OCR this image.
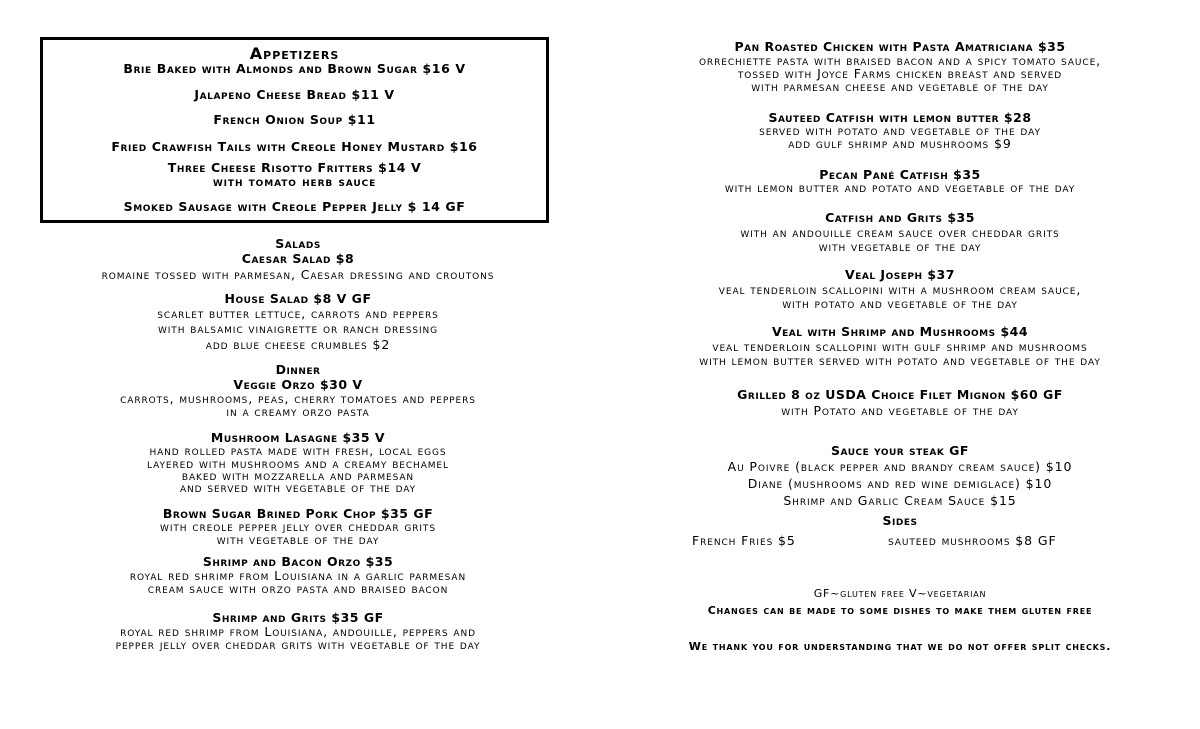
Appetizers
Brie Baked with Almonds and Brown Sugar $16 V
Jalapeno Cheese Bread $11 V
French Onion Soup $11
Fried Crawfish Tails with Creole Honey Mustard $16
Three Cheese Risotto Fritters $14 V
with tomato herb sauce
Smoked Sausage with Creole Pepper Jelly $ 14 GF
Salads
Caesar Salad $8
romaine tossed with parmesan, Caesar dressing and croutons
House Salad $8 V GF
scarlet butter lettuce, carrots and peppers
with balsamic vinaigrette or ranch dressing
add blue cheese crumbles $2
Dinner
Veggie Orzo $30 V
carrots, mushrooms, peas, cherry tomatoes and peppers
in a creamy orzo pasta
Mushroom Lasagne $35 V
hand rolled pasta made with fresh, local eggs
layered with mushrooms and a creamy bechamel
baked with mozzarella and parmesan
and served with vegetable of the day
Brown Sugar Brined Pork Chop $35 GF
with creole pepper jelly over cheddar grits
with vegetable of the day
Shrimp and Bacon Orzo $35
royal red shrimp from Louisiana in a garlic parmesan
cream sauce with orzo pasta and braised bacon
Shrimp and Grits $35 GF
royal red shrimp from Louisiana, andouille, peppers and
pepper jelly over cheddar grits with vegetable of the day
Pan Roasted Chicken with Pasta Amatriciana $35
orrechiette pasta with braised bacon and a spicy tomato sauce,
tossed with Joyce Farms chicken breast and served
with parmesan cheese and vegetable of the day
Sauteed Catfish with lemon butter $28
served with potato and vegetable of the day
add gulf shrimp and mushrooms $9
Pecan Pané Catfish $35
with lemon butter and potato and vegetable of the day
Catfish and Grits $35
with an andouille cream sauce over cheddar grits
with vegetable of the day
Veal Joseph $37
veal tenderloin scallopini with a mushroom cream sauce,
with potato and vegetable of the day
Veal with Shrimp and Mushrooms $44
veal tenderloin scallopini with gulf shrimp and mushrooms
with lemon butter served with potato and vegetable of the day
Grilled 8 oz USDA Choice Filet Mignon $60 GF
with Potato and vegetable of the day
Sauce your steak GF
Au Poivre (black pepper and brandy cream sauce) $10
Diane (mushrooms and red wine demiglace) $10
Shrimp and Garlic Cream Sauce $15
Sides
French Fries $5	sauteed mushrooms $8 GF
GF~gluten free V~vegetarian
Changes can be made to some dishes to make them gluten free
We thank you for understanding that we do not offer split checks.
